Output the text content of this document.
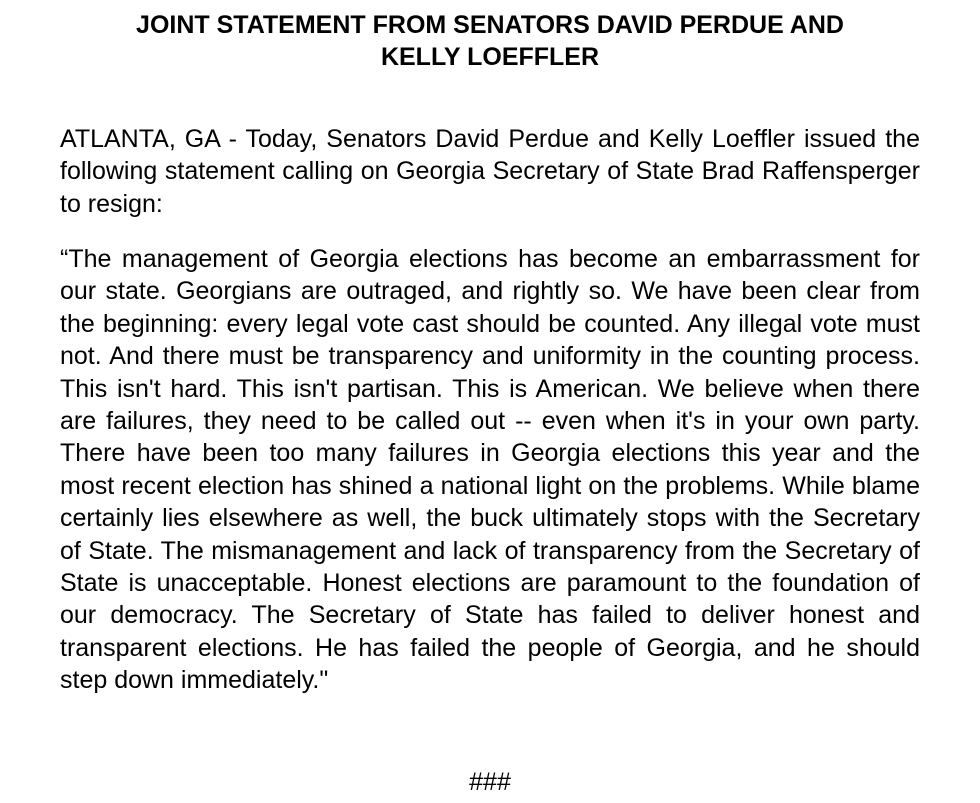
JOINT STATEMENT FROM SENATORS DAVID PERDUE AND
KELLY LOEFFLER

ATLANTA, GA - Today, Senators David Perdue and Kelly Loeffler issued the following statement calling on Georgia Secretary of State Brad Raffensperger to resign:

“The management of Georgia elections has become an embarrassment for our state. Georgians are outraged, and rightly so. We have been clear from the beginning: every legal vote cast should be counted. Any illegal vote must not. And there must be transparency and uniformity in the counting process. This isn't hard. This isn't partisan. This is American. We believe when there are failures, they need to be called out -- even when it's in your own party. There have been too many failures in Georgia elections this year and the most recent election has shined a national light on the problems. While blame certainly lies elsewhere as well, the buck ultimately stops with the Secretary of State. The mismanagement and lack of transparency from the Secretary of State is unacceptable. Honest elections are paramount to the foundation of our democracy. The Secretary of State has failed to deliver honest and transparent elections. He has failed the people of Georgia, and he should step down immediately."

###
